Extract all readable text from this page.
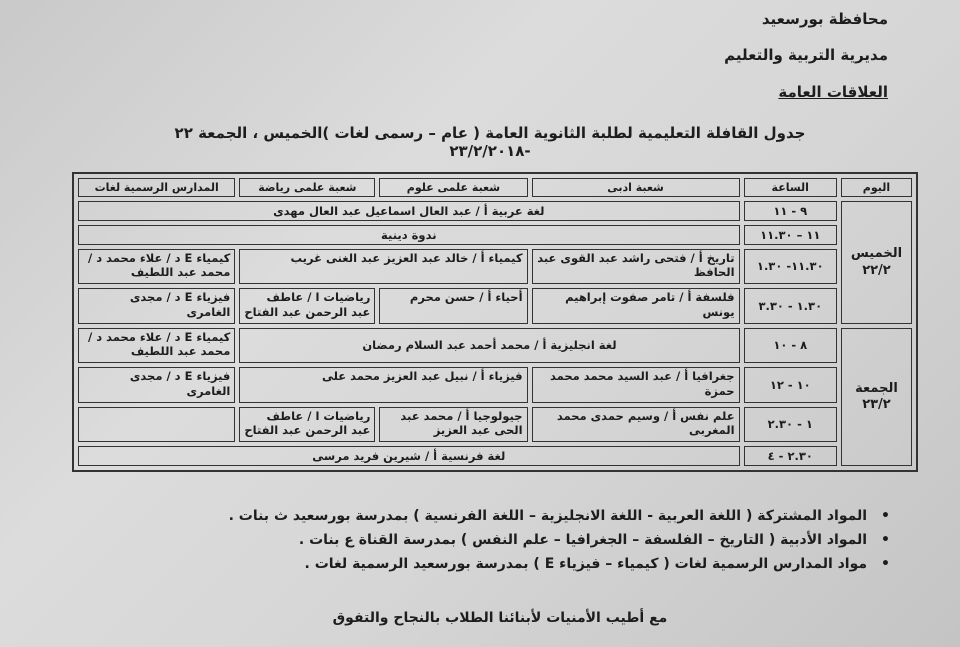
محافظة بورسعيد
مديرية التربية والتعليم
العلاقات العامة
جدول القافلة التعليمية لطلبة الثانوية العامة ( عام – رسمى لغات )الخميس ، الجمعة ٢٢ -٢٣/٢/٢٠١٨
اليوم	الساعة	شعبة ادبى	شعبة علمى علوم	شعبة علمى رياضة	المدارس الرسمية لغات
الخميس ٢٢/٢	٩ - ١١	لغة عربية أ / عبد العال اسماعيل عبد العال مهدى			
	١١ – ١١.٣٠	ندوة دينية			
	١١.٣٠- ١.٣٠	تاريخ أ / فتحى راشد عبد القوى عبد الحافظ	كيمياء أ / خالد عبد العزيز عبد الغنى غريب		كيمياء E د / علاء محمد د / محمد عبد اللطيف
	١.٣٠ - ٣.٣٠	فلسفة أ / تامر صفوت إبراهيم يونس	أحياء أ / حسن محرم	رياضيات ا / عاطف عبد الرحمن عبد الفتاح	فيزياء E د / مجدى الغامرى
الجمعة ٢٣/٢	٨ - ١٠	لغة انجليزية أ / محمد أحمد عبد السلام رمضان			كيمياء E د / علاء محمد د / محمد عبد اللطيف
	١٠ - ١٢	جغرافيا أ / عبد السيد محمد محمد حمزة	فيزياء أ / نبيل عبد العزيز محمد على		فيزياء E د / مجدى الغامرى
	١ - ٢.٣٠	علم نفس أ / وسيم حمدى محمد المغربى	جيولوجيا أ / محمد عبد الحى عبد العزيز	رياضيات ا / عاطف عبد الرحمن عبد الفتاح	
	٢.٣٠ - ٤	لغة فرنسية أ / شيرين فريد مرسى			
• المواد المشتركة ( اللغة العربية - اللغة الانجليزية – اللغة الفرنسية ) بمدرسة بورسعيد ث بنات .
• المواد الأدبية ( التاريخ – الفلسفة – الجغرافيا – علم النفس ) بمدرسة القناة ع بنات .
• مواد المدارس الرسمية لغات ( كيمياء – فيزياء E ) بمدرسة بورسعيد الرسمية لغات .
مع أطيب الأمنيات لأبنائنا الطلاب بالنجاح والتفوق
